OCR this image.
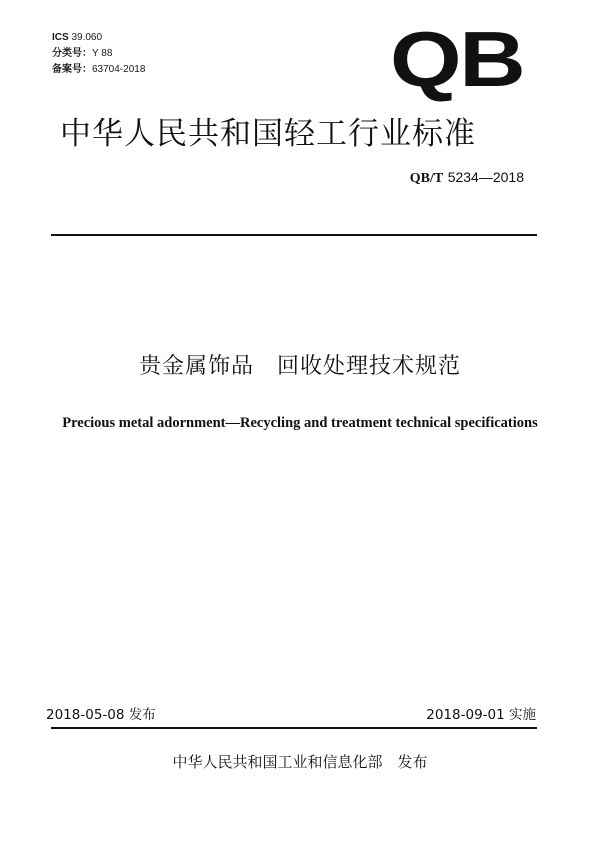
ICS 39.060
分类号：Y 88
备案号：63704-2018	QB
中华人民共和国轻工行业标准
QB/T 5234—2018
贵金属饰品　回收处理技术规范
Precious metal adornment—Recycling and treatment technical specifications
2018-05-08 发布	2018-09-01 实施
中华人民共和国工业和信息化部　发布
